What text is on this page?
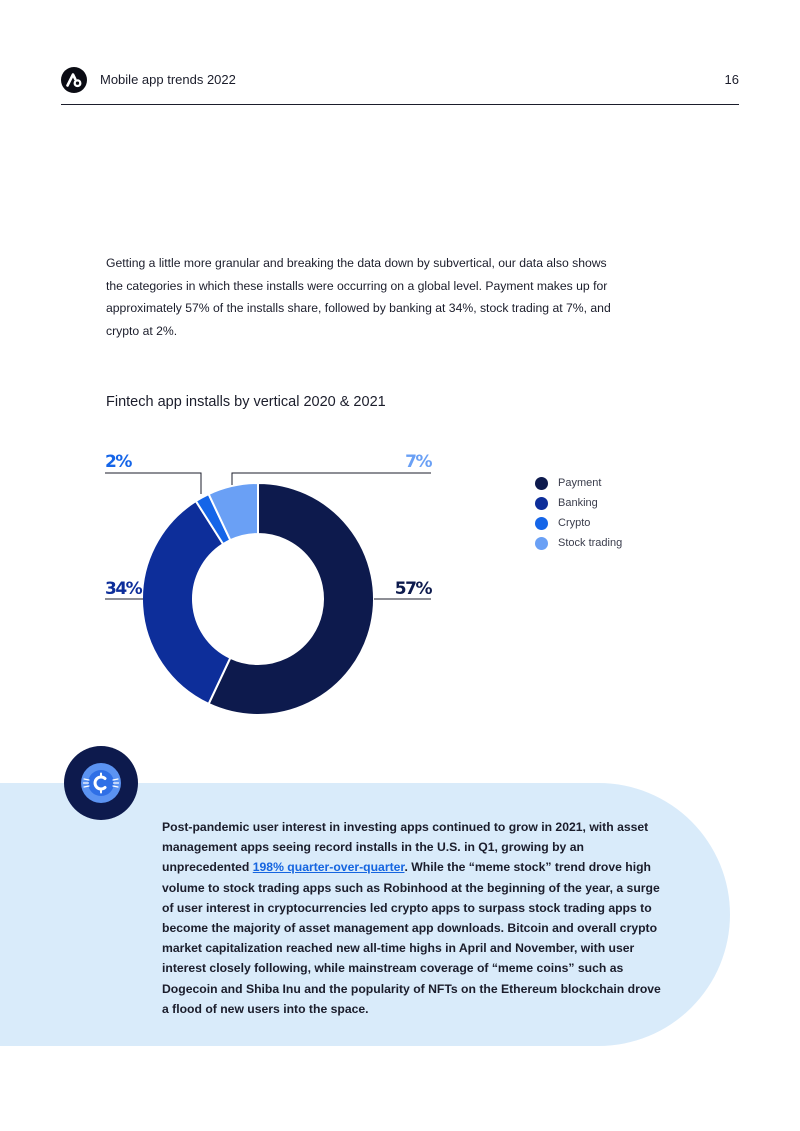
Mobile app trends 2022	16

Getting a little more granular and breaking the data down by subvertical, our data also shows the categories in which these installs were occurring on a global level. Payment makes up for approximately 57% of the installs share, followed by banking at 34%, stock trading at 7%, and crypto at 2%.

Fintech app installs by vertical 2020 & 2021
57%
34%
2%	7%
Payment
Banking
Crypto
Stock trading

Post-pandemic user interest in investing apps continued to grow in 2021, with asset management apps seeing record installs in the U.S. in Q1, growing by an unprecedented 198% quarter-over-quarter. While the “meme stock” trend drove high volume to stock trading apps such as Robinhood at the beginning of the year, a surge of user interest in cryptocurrencies led crypto apps to surpass stock trading apps to become the majority of asset management app downloads. Bitcoin and overall crypto market capitalization reached new all-time highs in April and November, with user interest closely following, while mainstream coverage of “meme coins” such as Dogecoin and Shiba Inu and the popularity of NFTs on the Ethereum blockchain drove a flood of new users into the space.
